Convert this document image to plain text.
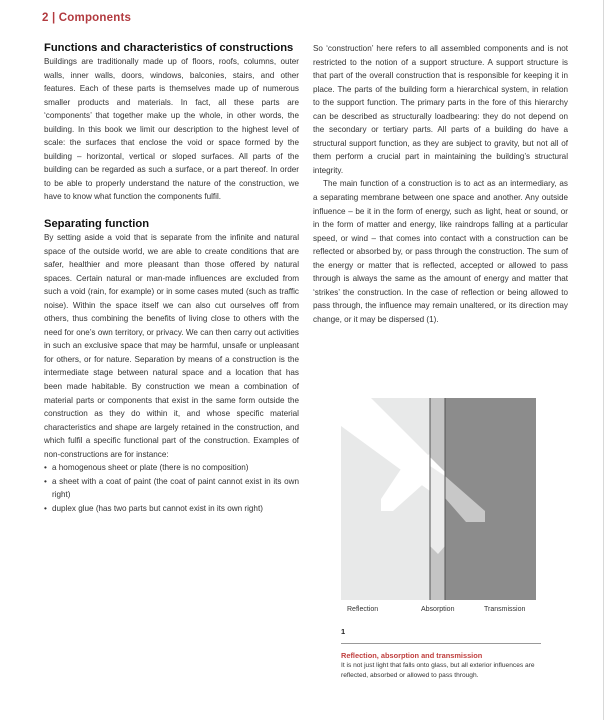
2 | Components
Functions and characteristics of constructions

Buildings are traditionally made up of floors, roofs, columns, outer walls, inner walls, doors, windows, balconies, stairs, and other features. Each of these parts is themselves made up of numerous smaller products and materials. In fact, all these parts are ‘components’ that together make up the whole, in other words, the building. In this book we limit our description to the highest level of scale: the surfaces that enclose the void or space formed by the building – horizontal, vertical or sloped surfaces. All parts of the building can be regarded as such a surface, or a part thereof. In order to be able to properly understand the nature of the construction, we have to know what function the components fulfil.

Separating function

By setting aside a void that is separate from the infinite and natural space of the outside world, we are able to create conditions that are safer, healthier and more pleasant than those offered by natural spaces. Certain natural or man-made influences are excluded from such a void (rain, for example) or in some cases muted (such as traffic noise). Within the space itself we can also cut ourselves off from others, thus combining the benefits of living close to others with the need for one’s own territory, or privacy. We can then carry out activities in such an exclusive space that may be harmful, unsafe or unpleasant for others, or for nature. Separation by means of a construction is the intermediate stage between natural space and a location that has been made habitable. By construction we mean a combination of material parts or components that exist in the same form outside the construction as they do within it, and whose specific material characteristics and shape are largely retained in the construction, and which fulfil a specific functional part of the construction. Examples of non-constructions are for instance:

• a homogenous sheet or plate (there is no composition)
• a sheet with a coat of paint (the coat of paint cannot exist in its own right)
• duplex glue (has two parts but cannot exist in its own right)

So ‘construction’ here refers to all assembled components and is not restricted to the notion of a support structure. A support structure is that part of the overall construction that is responsible for keeping it in place. The parts of the building form a hierarchical system, in relation to the support function. The primary parts in the fore of this hierarchy can be described as structurally loadbearing: they do not depend on the secondary or tertiary parts. All parts of a building do have a structural support function, as they are subject to gravity, but not all of them perform a crucial part in maintaining the building’s structural integrity.

The main function of a construction is to act as an intermediary, as a separating membrane between one space and another. Any outside influence – be it in the form of energy, such as light, heat or sound, or in the form of matter and energy, like raindrops falling at a particular speed, or wind – that comes into contact with a construction can be reflected or absorbed by, or pass through the construction. The sum of the energy or matter that is reflected, accepted or allowed to pass through is always the same as the amount of energy and matter that ‘strikes’ the construction. In the case of reflection or being allowed to pass through, the influence may remain unaltered, or its direction may change, or it may be dispersed (1).

Reflection	Absorption	Transmission
1
Reflection, absorption and transmission
It is not just light that falls onto glass, but all exterior influences are reflected, absorbed or allowed to pass through.
